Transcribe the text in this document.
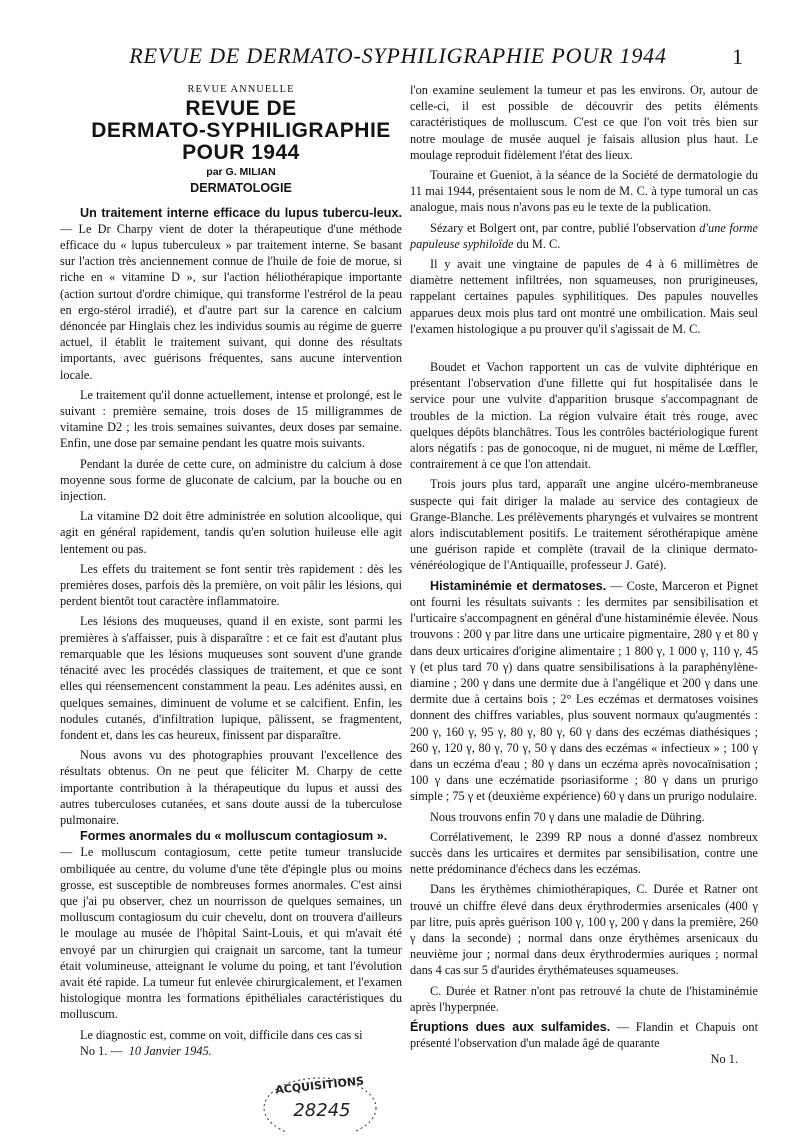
REVUE DE DERMATO-SYPHILIGRAPHIE POUR 1944	1

REVUE ANNUELLE

REVUE DE

DERMATO-SYPHILIGRAPHIE

POUR 1944

par G. MILIAN

DERMATOLOGIE

Un traitement interne efficace du lupus tubercu-leux. — Le Dr Charpy vient de doter la thérapeutique d'une méthode efficace du « lupus tuberculeux » par traitement interne. Se basant sur l'action très anciennement connue de l'huile de foie de morue, si riche en « vitamine D », sur l'action héliothérapique importante (action surtout d'ordre chimique, qui transforme l'estrérol de la peau en ergo-stérol irradié), et d'autre part sur la carence en calcium dénoncée par Hinglais chez les individus soumis au régime de guerre actuel, il établit le traitement suivant, qui donne des résultats importants, avec guérisons fréquentes, sans aucune intervention locale.

Le traitement qu'il donne actuellement, intense et prolongé, est le suivant : première semaine, trois doses de 15 milligrammes de vitamine D2 ; les trois semaines suivantes, deux doses par semaine. Enfin, une dose par semaine pendant les quatre mois suivants.

Pendant la durée de cette cure, on administre du calcium à dose moyenne sous forme de gluconate de calcium, par la bouche ou en injection.

La vitamine D2 doit être administrée en solution alcoolique, qui agit en général rapidement, tandis qu'en solution huileuse elle agit lentement ou pas.

Les effets du traitement se font sentir très rapidement : dès les premières doses, parfois dès la première, on voit pâlir les lésions, qui perdent bientôt tout caractère inflammatoire.

Les lésions des muqueuses, quand il en existe, sont parmi les premières à s'affaisser, puis à disparaître : et ce fait est d'autant plus remarquable que les lésions muqueuses sont souvent d'une grande ténacité avec les procédés classiques de traitement, et que ce sont elles qui réensemencent constamment la peau. Les adénites aussi, en quelques semaines, diminuent de volume et se calcifient. Enfin, les nodules cutanés, d'infiltration lupique, pâlissent, se fragmentent, fondent et, dans les cas heureux, finissent par disparaître.

Nous avons vu des photographies prouvant l'excellence des résultats obtenus. On ne peut que féliciter M. Charpy de cette importante contribution à la thérapeutique du lupus et aussi des autres tuberculoses cutanées, et sans doute aussi de la tuberculose pulmonaire.

Formes anormales du « molluscum contagiosum ».

— Le molluscum contagiosum, cette petite tumeur translucide ombiliquée au centre, du volume d'une tête d'épingle plus ou moins grosse, est susceptible de nombreuses formes anormales. C'est ainsi que j'ai pu observer, chez un nourrisson de quelques semaines, un molluscum contagiosum du cuir chevelu, dont on trouvera d'ailleurs le moulage au musée de l'hôpital Saint-Louis, et qui m'avait été envoyé par un chirurgien qui craignait un sarcome, tant la tumeur était volumineuse, atteignant le volume du poing, et tant l'évolution avait été rapide. La tumeur fut enlevée chirurgicalement, et l'examen histologique montra les formations épithéliales caractéristiques du molluscum.

Le diagnostic est, comme on voit, difficile dans ces cas si

No 1. — 10 Janvier 1945.

l'on examine seulement la tumeur et pas les environs. Or, autour de celle-ci, il est possible de découvrir des petits éléments caractéristiques de molluscum. C'est ce que l'on voit très bien sur notre moulage de musée auquel je faisais allusion plus haut. Le moulage reproduit fidèlement l'état des lieux.

Touraine et Gueniot, à la séance de la Société de dermatologie du 11 mai 1944, présentaient sous le nom de M. C. à type tumoral un cas analogue, mais nous n'avons pas eu le texte de la publication.

Sézary et Bolgert ont, par contre, publié l'observation d'une forme papuleuse syphiloïde du M. C.

Il y avait une vingtaine de papules de 4 à 6 millimètres de diamètre nettement infiltrées, non squameuses, non prurigineuses, rappelant certaines papules syphilitiques. Des papules nouvelles apparues deux mois plus tard ont montré une ombilication. Mais seul l'examen histologique a pu prouver qu'il s'agissait de M. C.

Boudet et Vachon rapportent un cas de vulvite diphtérique en présentant l'observation d'une fillette qui fut hospitalisée dans le service pour une vulvite d'apparition brusque s'accompagnant de troubles de la miction. La région vulvaire était très rouge, avec quelques dépôts blanchâtres. Tous les contrôles bactériologique furent alors négatifs : pas de gonocoque, ni de muguet, ni même de Lœffler, contrairement à ce que l'on attendait.

Trois jours plus tard, apparaît une angine ulcéro-membraneuse suspecte qui fait diriger la malade au service des contagieux de Grange-Blanche. Les prélèvements pharyngés et vulvaires se montrent alors indiscutablement positifs. Le traitement sérothérapique amène une guérison rapide et complète (travail de la clinique dermato-vénéréologique de l'Antiquaille, professeur J. Gaté).

Histaminémie et dermatoses. — Coste, Marceron et Pignet ont fourni les résultats suivants : les dermites par sensibilisation et l'urticaire s'accompagnent en général d'une histaminémie élevée. Nous trouvons : 200 γ par litre dans une urticaire pigmentaire, 280 γ et 80 γ dans deux urticaires d'origine alimentaire ; 1 800 γ, 1 000 γ, 110 γ, 45 γ (et plus tard 70 γ) dans quatre sensibilisations à la paraphénylène-diamine ; 200 γ dans une dermite due à l'angélique et 200 γ dans une dermite due à certains bois ; 2° Les eczémas et dermatoses voisines donnent des chiffres variables, plus souvent normaux qu'augmentés : 200 γ, 160 γ, 95 γ, 80 γ, 80 γ, 60 γ dans des eczémas diathésiques ; 260 γ, 120 γ, 80 γ, 70 γ, 50 γ dans des eczémas « infectieux » ; 100 γ dans un eczéma d'eau ; 80 γ dans un eczéma après novocaïnisation ; 100 γ dans une eczématide psoriasiforme ; 80 γ dans un prurigo simple ; 75 γ et (deuxième expérience) 60 γ dans un prurigo nodulaire.

Nous trouvons enfin 70 γ dans une maladie de Dühring.

Corrélativement, le 2399 RP nous a donné d'assez nombreux succès dans les urticaires et dermites par sensibilisation, contre une nette prédominance d'échecs dans les eczémas.

Dans les érythèmes chimiothérapiques, C. Durée et Ratner ont trouvé un chiffre élevé dans deux érythrodermies arsenicales (400 γ par litre, puis après guérison 100 γ, 100 γ, 200 γ dans la première, 260 γ dans la seconde) ; normal dans onze érythèmes arsenicaux du neuvième jour ; normal dans deux érythrodermies auriques ; normal dans 4 cas sur 5 d'aurides érythémateuses squameuses.

C. Durée et Ratner n'ont pas retrouvé la chute de l'histaminémie après l'hyperpnée.

Éruptions dues aux sulfamides. — Flandin et Chapuis ont présenté l'observation d'un malade âgé de quarante

No 1.

ACQUISITIONS
28245
